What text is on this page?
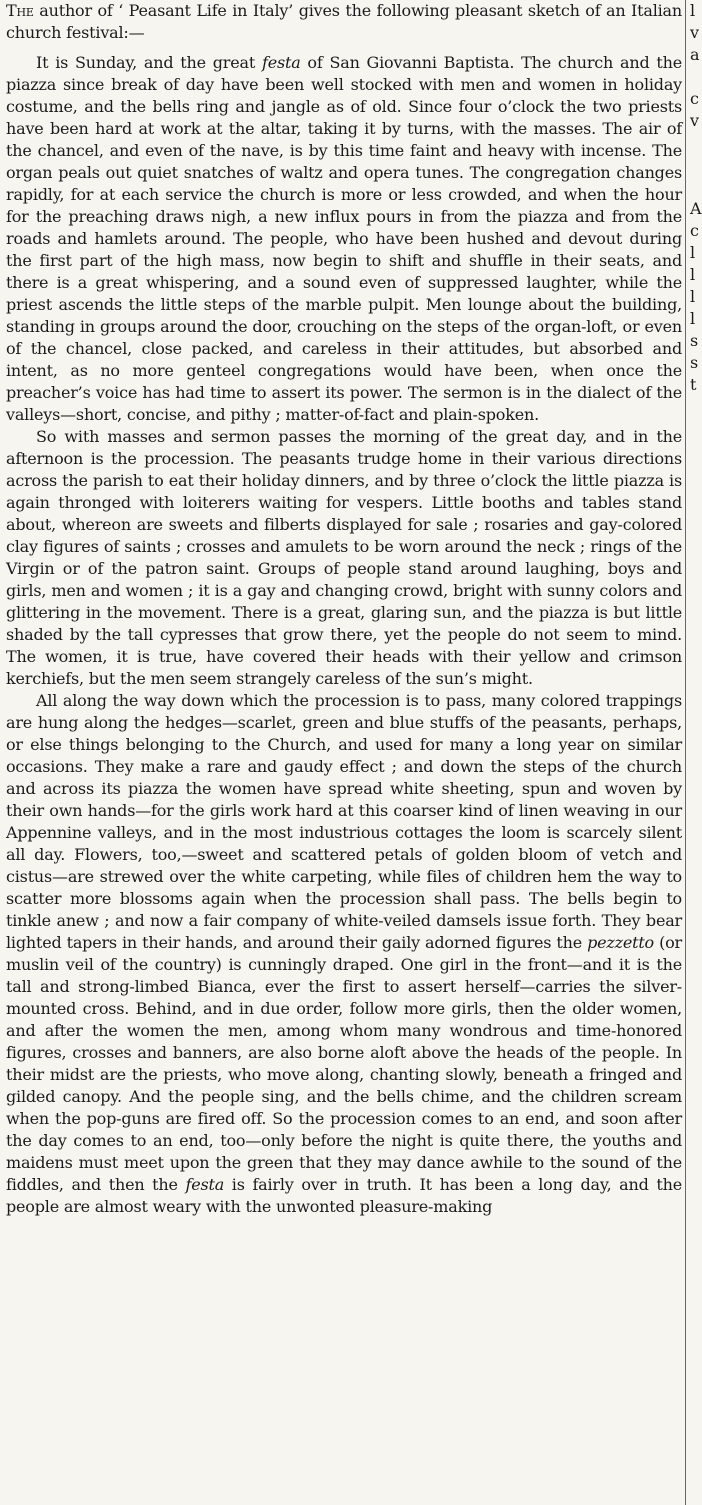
The author of ‘ Peasant Life in Italy’ gives the following pleasant sketch of an Italian church festival:—

It is Sunday, and the great festa of San Giovanni Baptista. The church and the piazza since break of day have been well stocked with men and women in holiday costume, and the bells ring and jangle as of old. Since four o’clock the two priests have been hard at work at the altar, taking it by turns, with the masses. The air of the chancel, and even of the nave, is by this time faint and heavy with incense. The organ peals out quiet snatches of waltz and opera tunes. The congregation changes rapidly, for at each service the church is more or less crowded, and when the hour for the preaching draws nigh, a new influx pours in from the piazza and from the roads and hamlets around. The people, who have been hushed and devout during the first part of the high mass, now begin to shift and shuffle in their seats, and there is a great whispering, and a sound even of suppressed laughter, while the priest ascends the little steps of the marble pulpit. Men lounge about the building, standing in groups around the door, crouching on the steps of the organ-loft, or even of the chancel, close packed, and careless in their attitudes, but absorbed and intent, as no more genteel congregations would have been, when once the preacher’s voice has had time to assert its power. The sermon is in the dialect of the valleys—short, concise, and pithy ; matter-of-fact and plain-spoken.

So with masses and sermon passes the morning of the great day, and in the afternoon is the procession. The peasants trudge home in their various directions across the parish to eat their holiday dinners, and by three o’clock the little piazza is again thronged with loiterers waiting for vespers. Little booths and tables stand about, whereon are sweets and filberts displayed for sale ; rosaries and gay-colored clay figures of saints ; crosses and amulets to be worn around the neck ; rings of the Virgin or of the patron saint. Groups of people stand around laughing, boys and girls, men and women ; it is a gay and changing crowd, bright with sunny colors and glittering in the movement. There is a great, glaring sun, and the piazza is but little shaded by the tall cypresses that grow there, yet the people do not seem to mind. The women, it is true, have covered their heads with their yellow and crimson kerchiefs, but the men seem strangely careless of the sun’s might.

All along the way down which the procession is to pass, many colored trappings are hung along the hedges—scarlet, green and blue stuffs of the peasants, perhaps, or else things belonging to the Church, and used for many a long year on similar occasions. They make a rare and gaudy effect ; and down the steps of the church and across its piazza the women have spread white sheeting, spun and woven by their own hands—for the girls work hard at this coarser kind of linen weaving in our Appennine valleys, and in the most industrious cottages the loom is scarcely silent all day. Flowers, too,—sweet and scattered petals of golden bloom of vetch and cistus—are strewed over the white carpeting, while files of children hem the way to scatter more blossoms again when the procession shall pass. The bells begin to tinkle anew ; and now a fair company of white-veiled damsels issue forth. They bear lighted tapers in their hands, and around their gaily adorned figures the pezzetto (or muslin veil of the country) is cunningly draped. One girl in the front—and it is the tall and strong-limbed Bianca, ever the first to assert herself—carries the silver-mounted cross. Behind, and in due order, follow more girls, then the older women, and after the women the men, among whom many wondrous and time-honored figures, crosses and banners, are also borne aloft above the heads of the people. In their midst are the priests, who move along, chanting slowly, beneath a fringed and gilded canopy. And the people sing, and the bells chime, and the children scream when the pop-guns are fired off. So the procession comes to an end, and soon after the day comes to an end, too—only before the night is quite there, the youths and maidens must meet upon the green that they may dance awhile to the sound of the fiddles, and then the festa is fairly over in truth. It has been a long day, and the people are almost weary with the unwonted pleasure-making

l
v
a
c
v
A
c
l
l
l
l
s
s
t
